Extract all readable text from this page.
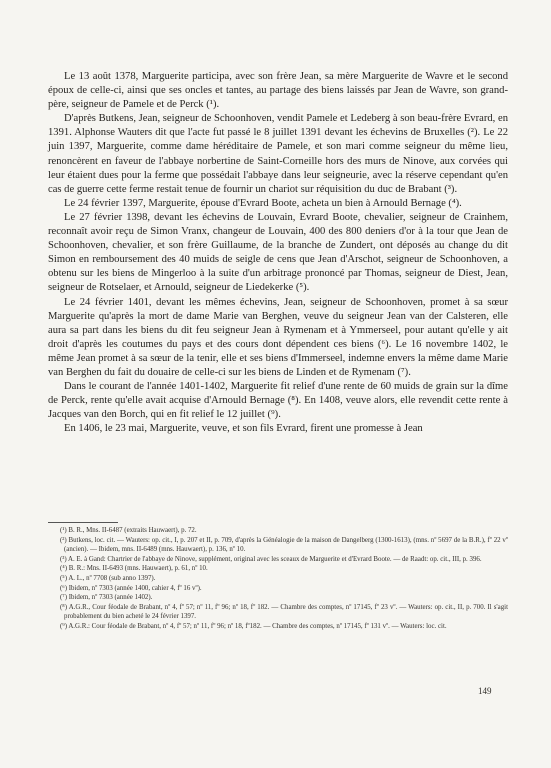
Le 13 août 1378, Marguerite participa, avec son frère Jean, sa mère Marguerite de Wavre et le second époux de celle-ci, ainsi que ses oncles et tantes, au partage des biens laissés par Jean de Wavre, son grand-père, seigneur de Pamele et de Perck (¹).

D'après Butkens, Jean, seigneur de Schoonhoven, vendit Pamele et Ledeberg à son beau-frère Evrard, en 1391. Alphonse Wauters dit que l'acte fut passé le 8 juillet 1391 devant les échevins de Bruxelles (²). Le 22 juin 1397, Marguerite, comme dame héréditaire de Pamele, et son mari comme seigneur du même lieu, renoncèrent en faveur de l'abbaye norbertine de Saint-Corneille hors des murs de Ninove, aux corvées qui leur étaient dues pour la ferme que possédait l'abbaye dans leur seigneurie, avec la réserve cependant qu'en cas de guerre cette ferme restait tenue de fournir un chariot sur réquisition du duc de Brabant (³).

Le 24 février 1397, Marguerite, épouse d'Evrard Boote, acheta un bien à Arnould Bernage (⁴).

Le 27 février 1398, devant les échevins de Louvain, Evrard Boote, chevalier, seigneur de Crainhem, reconnaît avoir reçu de Simon Vranx, changeur de Louvain, 400 des 800 deniers d'or à la tour que Jean de Schoonhoven, chevalier, et son frère Guillaume, de la branche de Zundert, ont déposés au change du dit Simon en remboursement des 40 muids de seigle de cens que Jean d'Arschot, seigneur de Schoonhoven, a obtenu sur les biens de Mingerloo à la suite d'un arbitrage prononcé par Thomas, seigneur de Diest, Jean, seigneur de Rotselaer, et Arnould, seigneur de Liedekerke (⁵).

Le 24 février 1401, devant les mêmes échevins, Jean, seigneur de Schoonhoven, promet à sa sœur Marguerite qu'après la mort de dame Marie van Berghen, veuve du seigneur Jean van der Calsteren, elle aura sa part dans les biens du dit feu seigneur Jean à Rymenam et à Ymmerseel, pour autant qu'elle y ait droit d'après les coutumes du pays et des cours dont dépendent ces biens (⁶). Le 16 novembre 1402, le même Jean promet à sa sœur de la tenir, elle et ses biens d'Immerseel, indemne envers la même dame Marie van Berghen du fait du douaire de celle-ci sur les biens de Linden et de Rymenam (⁷).

Dans le courant de l'année 1401-1402, Marguerite fit relief d'une rente de 60 muids de grain sur la dîme de Perck, rente qu'elle avait acquise d'Arnould Bernage (⁸). En 1408, veuve alors, elle revendit cette rente à Jacques van den Borch, qui en fit relief le 12 juillet (⁹).

En 1406, le 23 mai, Marguerite, veuve, et son fils Evrard, firent une promesse à Jean

(¹) B. R., Mns. II-6487 (extraits Hauwaert), p. 72.

(²) Butkens, loc. cit. — Wauters: op. cit., I, p. 207 et II, p. 709, d'après la Généalogie de la maison de Dangelberg (1300-1613), (mns. nº 5697 de la B.R.), fº 22 vº (ancien). — Ibidem, mns. II-6489 (mns. Hauwaert), p. 136, nº 10.

(³) A. E. à Gand: Chartrier de l'abbaye de Ninove, supplément, original avec les sceaux de Marguerite et d'Evrard Boote. — de Raadt: op. cit., III, p. 396.

(⁴) B. R.: Mns. II-6493 (mns. Hauwaert), p. 61, nº 10.

(⁵) A. L., nº 7708 (sub anno 1397).

(⁶) Ibidem, nº 7303 (année 1400, cahier 4, fº 16 vº).

(⁷) Ibidem, nº 7303 (année 1402).

(⁸) A.G.R., Cour féodale de Brabant, nº 4, fº 57; nº 11, fº 96; nº 18, fº 182. — Chambre des comptes, nº 17145, fº 23 vº. — Wauters: op. cit., II, p. 700. Il s'agit probablement du bien acheté le 24 février 1397.

(⁹) A.G.R.: Cour féodale de Brabant, nº 4, fº 57; nº 11, fº 96; nº 18, fº182. — Chambre des comptes, nº 17145, fº 131 vº. — Wauters: loc. cit.

149
